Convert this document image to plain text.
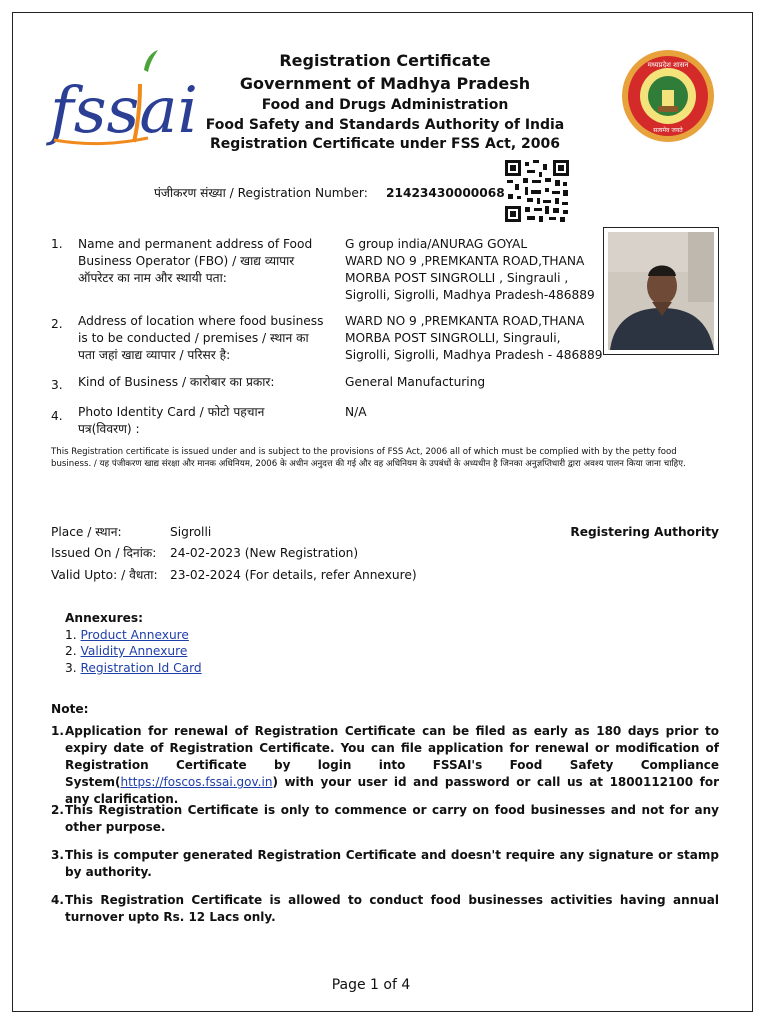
fssai
Registration Certificate
Government of Madhya Pradesh
Food and Drugs Administration
Food Safety and Standards Authority of India
Registration Certificate under FSS Act, 2006
मध्यप्रदेश शासन
सत्यमेव जयते
पंजीकरण संख्या / Registration Number: 21423430000068
1. Name and permanent address of Food Business Operator (FBO) / खाद्य व्यापार ऑपरेटर का नाम और स्थायी पता:
G group india/ANURAG GOYAL
WARD NO 9 ,PREMKANTA ROAD,THANA
MORBA POST SINGROLLI , Singrauli ,
Sigrolli, Sigrolli, Madhya Pradesh-486889
2. Address of location where food business is to be conducted / premises / स्थान का पता जहां खाद्य व्यापार / परिसर है:
WARD NO 9 ,PREMKANTA ROAD,THANA
MORBA POST SINGROLLI, Singrauli,
Sigrolli, Sigrolli, Madhya Pradesh - 486889
3. Kind of Business / कारोबार का प्रकार:	General Manufacturing
4. Photo Identity Card / फोटो पहचान पत्र(विवरण) :
N/A
This Registration certificate is issued under and is subject to the provisions of FSS Act, 2006 all of which must be complied with by the petty food business. / यह पंजीकरण खाद्य संरक्षा और मानक अधिनियम, 2006 के अधीन अनुदत्त की गई और वह अधिनियम के उपबंधों के अध्यधीन है जिनका अनुज्ञप्तिधारी द्वारा अवश्य पालन किया जाना चाहिए.
Place / स्थान:	Sigrolli	Registering Authority
Issued On / दिनांक: 24-02-2023 (New Registration)
Valid Upto: / वैधता: 23-02-2024 (For details, refer Annexure)
Annexures:
1. Product Annexure
2. Validity Annexure
3. Registration Id Card
Note:
1. Application for renewal of Registration Certificate can be filed as early as 180 days prior to expiry date of Registration Certificate. You can file application for renewal or modification of Registration Certificate by login into FSSAI's Food Safety Compliance System(https://foscos.fssai.gov.in) with your user id and password or call us at 1800112100 for any clarification.
2. This Registration Certificate is only to commence or carry on food businesses and not for any other purpose.
3. This is computer generated Registration Certificate and doesn't require any signature or stamp by authority.
4. This Registration Certificate is allowed to conduct food businesses activities having annual turnover upto Rs. 12 Lacs only.
Page 1 of 4
